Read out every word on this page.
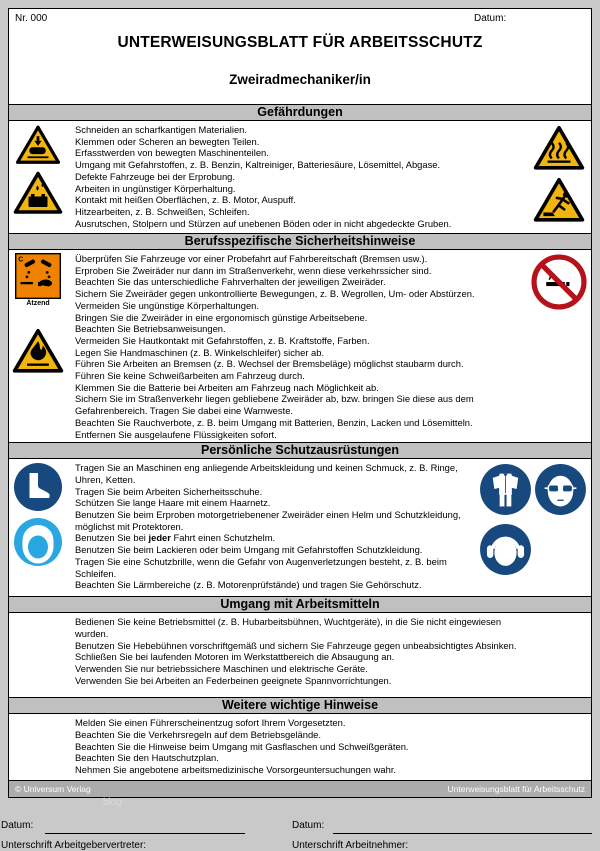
Nr. 000	Datum:
UNTERWEISUNGSBLATT FÜR ARBEITSSCHUTZ
Zweiradmechaniker/in
Gefährdungen
Schneiden an scharfkantigen Materialien.
Klemmen oder Scheren an bewegten Teilen.
Erfasstwerden von bewegten Maschinenteilen.
Umgang mit Gefahrstoffen, z. B. Benzin, Kaltreiniger, Batteriesäure, Lösemittel, Abgase.
Defekte Fahrzeuge bei der Erprobung.
Arbeiten in ungünstiger Körperhaltung.
Kontakt mit heißen Oberflächen, z. B. Motor, Auspuff.
Hitzearbeiten, z. B. Schweißen, Schleifen.
Ausrutschen, Stolpern und Stürzen auf unebenen Böden oder in nicht abgedeckte Gruben.
Berufsspezifische Sicherheitshinweise
C
Ätzend
Überprüfen Sie Fahrzeuge vor einer Probefahrt auf Fahrbereitschaft (Bremsen usw.).
Erproben Sie Zweiräder nur dann im Straßenverkehr, wenn diese verkehrssicher sind.
Beachten Sie das unterschiedliche Fahrverhalten der jeweiligen Zweiräder.
Sichern Sie Zweiräder gegen unkontrollierte Bewegungen, z. B. Wegrollen, Um- oder Abstürzen.
Vermeiden Sie ungünstige Körperhaltungen.
Bringen Sie die Zweiräder in eine ergonomisch günstige Arbeitsebene.
Beachten Sie Betriebsanweisungen.
Vermeiden Sie Hautkontakt mit Gefahrstoffen, z. B. Kraftstoffe, Farben.
Legen Sie Handmaschinen (z. B. Winkelschleifer) sicher ab.
Führen Sie Arbeiten an Bremsen (z. B. Wechsel der Bremsbeläge) möglichst staubarm durch.
Führen Sie keine Schweißarbeiten am Fahrzeug durch.
Klemmen Sie die Batterie bei Arbeiten am Fahrzeug nach Möglichkeit ab.
Sichern Sie im Straßenverkehr liegen gebliebene Zweiräder ab, bzw. bringen Sie diese aus dem Gefahrenbereich. Tragen Sie dabei eine Warnweste.
Beachten Sie Rauchverbote, z. B. beim Umgang mit Batterien, Benzin, Lacken und Lösemitteln.
Entfernen Sie ausgelaufene Flüssigkeiten sofort.
Persönliche Schutzausrüstungen
Tragen Sie an Maschinen eng anliegende Arbeitskleidung und keinen Schmuck, z. B. Ringe, Uhren, Ketten.
Tragen Sie beim Arbeiten Sicherheitsschuhe.
Schützen Sie lange Haare mit einem Haarnetz.
Benutzen Sie beim Erproben motorgetriebenener Zweiräder einen Helm und Schutzkleidung, möglichst mit Protektoren.
Benutzen Sie bei jeder Fahrt einen Schutzhelm.
Benutzen Sie beim Lackieren oder beim Umgang mit Gefahrstoffen Schutzkleidung.
Tragen Sie eine Schutzbrille, wenn die Gefahr von Augenverletzungen besteht, z. B. beim Schleifen.
Beachten Sie Lärmbereiche (z. B. Motorenprüfstände) und tragen Sie Gehörschutz.
Umgang mit Arbeitsmitteln
Bedienen Sie keine Betriebsmittel (z. B. Hubarbeitsbühnen, Wuchtgeräte), in die Sie nicht eingewiesen wurden.
Benutzen Sie Hebebühnen vorschriftgemäß und sichern Sie Fahrzeuge gegen unbeabsichtigtes Absinken.
Schließen Sie bei laufenden Motoren im Werkstattbereich die Absaugung an.
Verwenden Sie nur betriebssichere Maschinen und elektrische Geräte.
Verwenden Sie bei Arbeiten an Federbeinen geeignete Spannvorrichtungen.
Weitere wichtige Hinweise
Melden Sie einen Führerscheinentzug sofort Ihrem Vorgesetzten.
Beachten Sie die Verkehrsregeln auf dem Betriebsgelände.
Beachten Sie die Hinweise beim Umgang mit Gasflaschen und Schweißgeräten.
Beachten Sie den Hautschutzplan.
Nehmen Sie angebotene arbeitsmedizinische Vorsorgeuntersuchungen wahr.
© Universum Verlag	Unterweisungsblatt für Arbeitsschutz
blog
Datum:	Datum:
Unterschrift Arbeitgebervertreter:	Unterschrift Arbeitnehmer:
